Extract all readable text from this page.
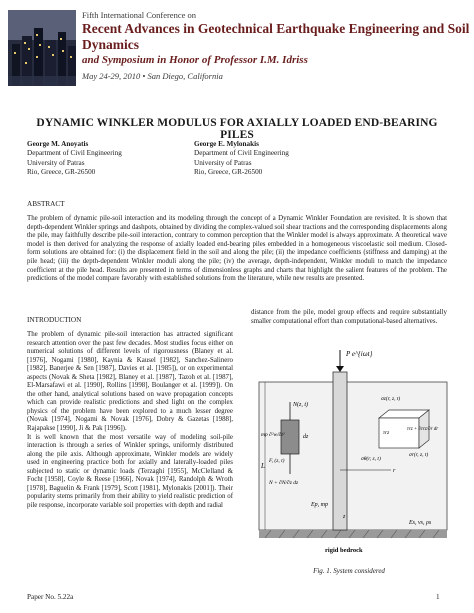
Fifth International Conference on
Recent Advances in Geotechnical Earthquake Engineering and Soil Dynamics
and Symposium in Honor of Professor I.M. Idriss
May 24-29, 2010 • San Diego, California
DYNAMIC WINKLER MODULUS FOR AXIALLY LOADED END-BEARING PILES
George M. Anoyatis
Department of Civil Engineering
University of Patras
Rio, Greece, GR-26500
George E. Mylonakis
Department of Civil Engineering
University of Patras
Rio, Greece, GR-26500
ABSTRACT
The problem of dynamic pile-soil interaction and its modeling through the concept of a Dynamic Winkler Foundation are revisited. It is shown that depth-dependent Winkler springs and dashpots, obtained by dividing the complex-valued soil shear tractions and the corresponding displacements along the pile, may faithfully describe pile-soil interaction, contrary to common perception that the Winkler model is always approximate. A theoretical wave model is then derived for analyzing the response of axially loaded end-bearing piles embedded in a homogeneous viscoelastic soil medium. Closed-form solutions are obtained for: (i) the displacement field in the soil and along the pile; (ii) the impedance coefficients (stiffness and damping) at the pile head; (iii) the depth-dependent Winkler moduli along the pile; (iv) the average, depth-independent, Winkler moduli to match the impedance coefficient at the pile head. Results are presented in terms of dimensionless graphs and charts that highlight the salient features of the problem. The predictions of the model compare favorably with established solutions from the literature, while new results are presented.
INTRODUCTION

The problem of dynamic pile-soil interaction has attracted significant research attention over the past few decades. Most studies focus either on numerical solutions of different levels of rigorousness (Blaney et al. [1976], Nogami [1980], Kaynia & Kausel [1982], Sanchez-Salinero [1982], Banerjee & Sen [1987], Davies et al. [1985]), or on experimental aspects (Novak & Sheta [1982], Blaney et al. [1987], Tazoh et al. [1987], El-Marsafawi et al. [1990], Rollins [1998], Boulanger et al. [1999]). On the other hand, analytical solutions based on wave propagation concepts which can provide realistic predictions and shed light on the complex physics of the problem have been explored to a much lesser degree (Novak [1974], Nogami & Novak [1976], Dobry & Gazetas [1988], Rajapakse [1990], Ji & Pak [1996]).

It is well known that the most versatile way of modeling soil-pile interaction is through a series of Winkler springs, uniformly distributed along the pile axis. Although approximate, Winkler models are widely used in engineering practice both for axially and laterally-loaded piles subjected to static or dynamic loads (Terzaghi [1955], McClelland & Focht [1958], Coyle & Reese [1966], Novak [1974], Randolph & Wroth [1978], Baguelin & Frank [1979], Scott [1981], Mylonakis [2001]). Their popularity stems primarily from their ability to yield realistic prediction of pile response, incorporate variable soil properties with depth and radial

distance from the pile, model group effects and require substantially smaller computational effort than computational-based alternatives.
P e^{iωt}
N(z, t)
mp ∂²w/∂t²
N + ∂N/∂z dz
dz
L
F, (z, t)
σz(r, z, t)
τrz + ∂τrz/∂r dr
τrz
σθ(r, z, t)
σr(r, z, t)
r
z
Ep, mp
Es, vs, ρs
rigid bedrock
Fig. 1. System considered
Paper No. 5.22a	1
